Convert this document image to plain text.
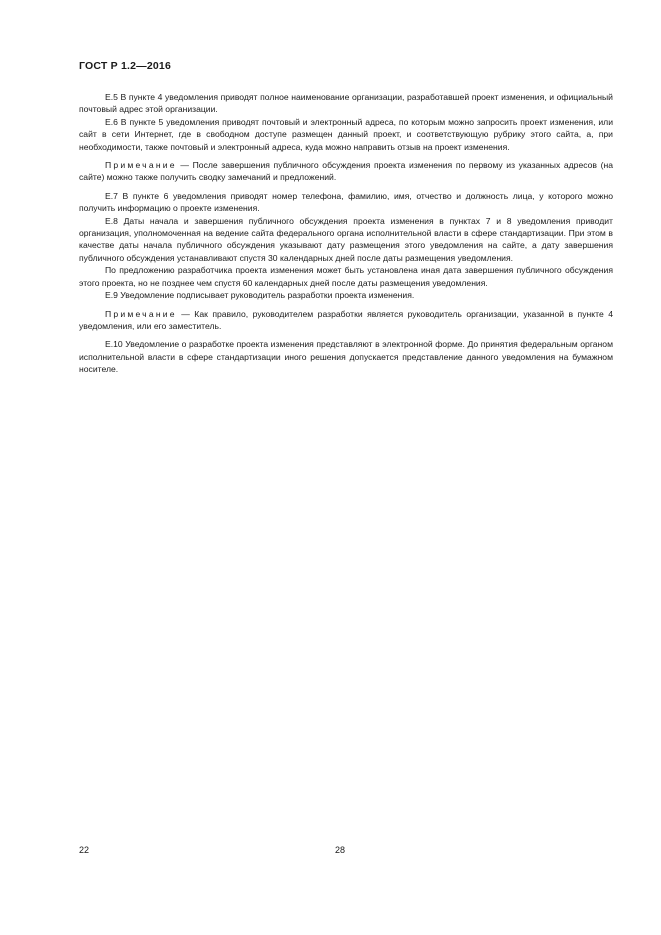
ГОСТ Р 1.2—2016

Е.5 В пункте 4 уведомления приводят полное наименование организации, разработавшей проект изменения, и официальный почтовый адрес этой организации.

Е.6 В пункте 5 уведомления приводят почтовый и электронный адреса, по которым можно запросить проект изменения, или сайт в сети Интернет, где в свободном доступе размещен данный проект, и соответствующую рубрику этого сайта, а, при необходимости, также почтовый и электронный адреса, куда можно направить отзыв на проект изменения.

Примечание — После завершения публичного обсуждения проекта изменения по первому из указанных адресов (на сайте) можно также получить сводку замечаний и предложений.

Е.7 В пункте 6 уведомления приводят номер телефона, фамилию, имя, отчество и должность лица, у которого можно получить информацию о проекте изменения.

Е.8 Даты начала и завершения публичного обсуждения проекта изменения в пунктах 7 и 8 уведомления приводит организация, уполномоченная на ведение сайта федерального органа исполнительной власти в сфере стандартизации. При этом в качестве даты начала публичного обсуждения указывают дату размещения этого уведомления на сайте, а дату завершения публичного обсуждения устанавливают спустя 30 календарных дней после даты размещения уведомления.

По предложению разработчика проекта изменения может быть установлена иная дата завершения публичного обсуждения этого проекта, но не позднее чем спустя 60 календарных дней после даты размещения уведомления.

Е.9 Уведомление подписывает руководитель разработки проекта изменения.

Примечание — Как правило, руководителем разработки является руководитель организации, указанной в пункте 4 уведомления, или его заместитель.

Е.10 Уведомление о разработке проекта изменения представляют в электронной форме. До принятия федеральным органом исполнительной власти в сфере стандартизации иного решения допускается представление данного уведомления на бумажном носителе.

22	28
